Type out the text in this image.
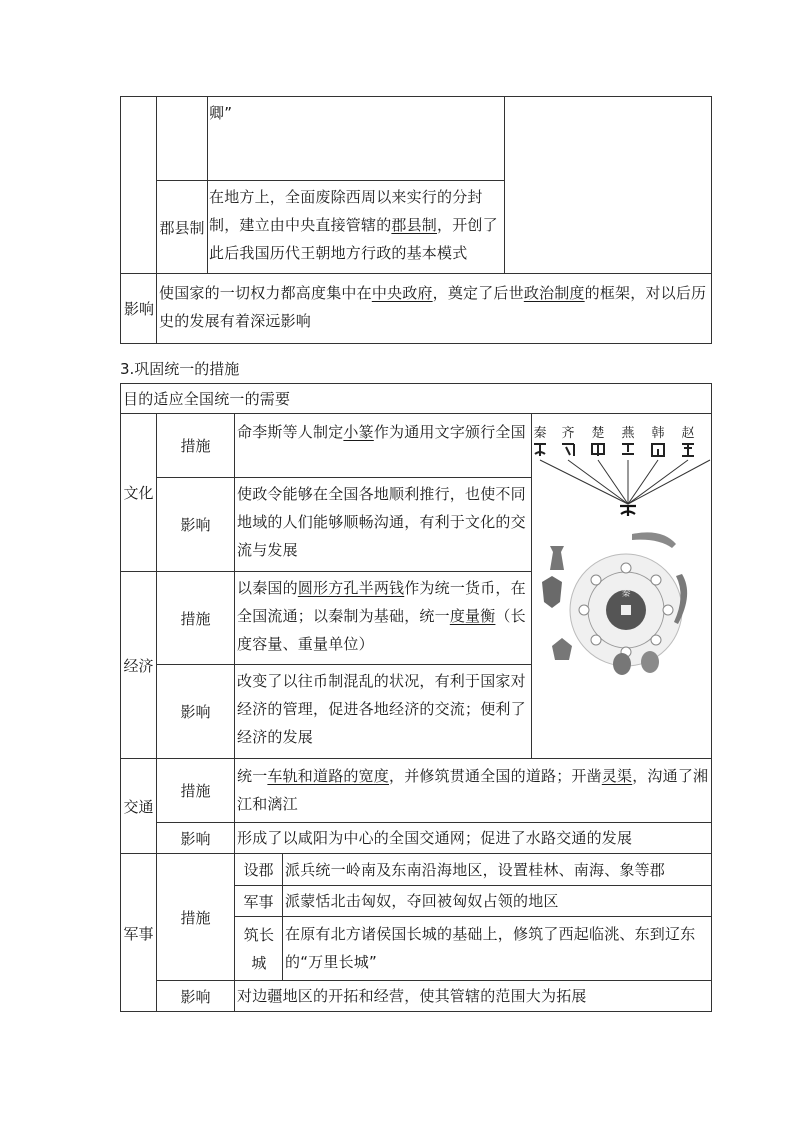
卿”
郡县制
在地方上，全面废除西周以来实行的分封制，建立由中央直接管辖的郡县制，开创了此后我国历代王朝地方行政的基本模式
影响
使国家的一切权力都高度集中在中央政府，奠定了后世政治制度的框架，对以后历史的发展有着深远影响
3.巩固统一的措施
目的适应全国统一的需要
文化
措施
命李斯等人制定小篆作为通用文字颁行全国
影响
使政令能够在全国各地顺利推行，也使不同地域的人们能够顺畅沟通，有利于文化的交流与发展
经济
措施
以秦国的圆形方孔半两钱作为统一货币，在全国流通；以秦制为基础，统一度量衡（长度容量、重量单位）
影响
改变了以往币制混乱的状况，有利于国家对经济的管理，促进各地经济的交流；便利了经济的发展
交通
措施
统一车轨和道路的宽度，并修筑贯通全国的道路；开凿灵渠，沟通了湘江和漓江
影响	形成了以咸阳为中心的全国交通网；促进了水路交通的发展
军事
措施
设郡 派兵统一岭南及东南沿海地区，设置桂林、南海、象等郡
军事 派蒙恬北击匈奴，夺回被匈奴占领的地区
筑长城
在原有北方诸侯国长城的基础上，修筑了西起临洮、东到辽东的“万里长城”
影响	对边疆地区的开拓和经营，使其管辖的范围大为拓展
秦 齐 楚 燕 韩 赵
秦
